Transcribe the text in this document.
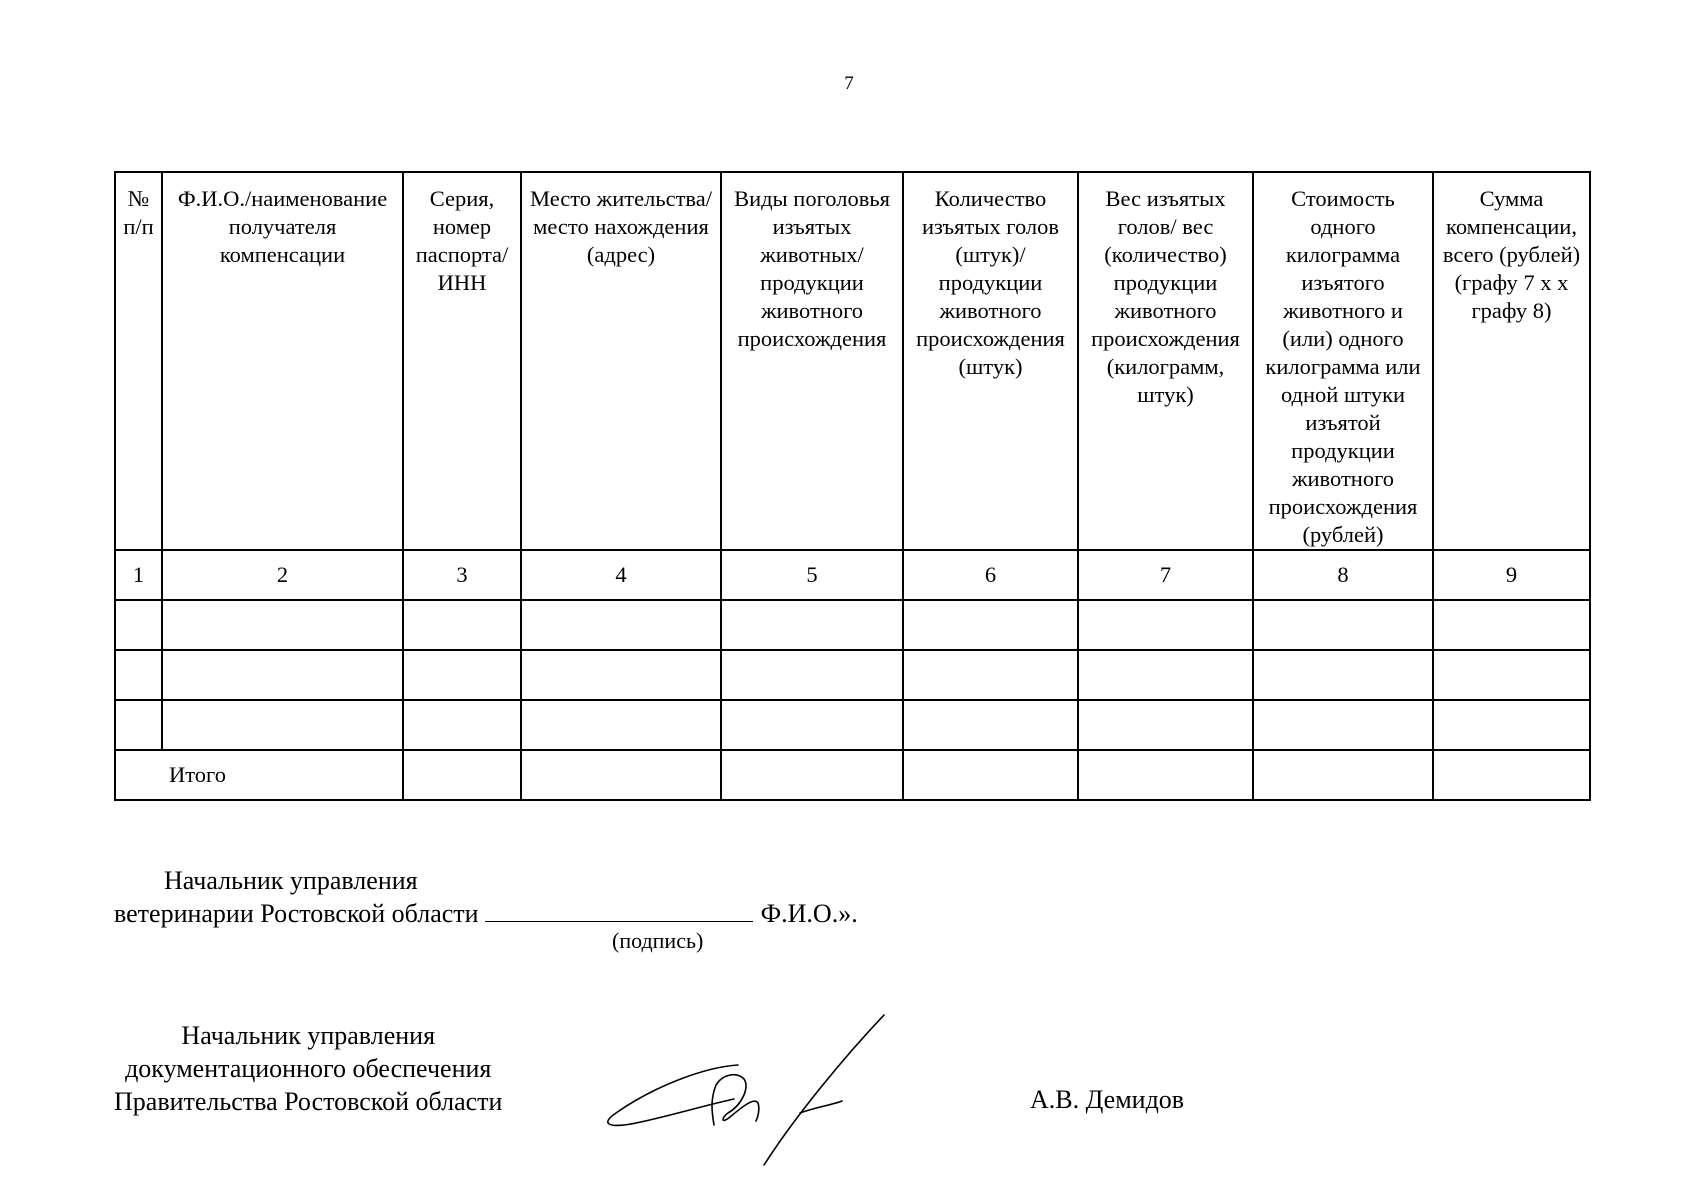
7
№ п/п	Ф.И.О./наименование получателя компенсации	Серия, номер паспорта/ ИНН	Место жительства/место нахождения (адрес)	Виды поголовья изъятых животных/ продукции животного происхождения	Количество изъятых голов (штук)/ продукции животного происхождения (штук)	Вес изъятых голов/ вес (количество) продукции животного происхождения (килограмм, штук)	Стоимость одного килограмма изъятого животного и (или) одного килограмма или одной штуки изъятой продукции животного происхождения (рублей)	Сумма компенсации, всего (рублей) (графу 7 х х графу 8)
1	2	3	4	5	6	7	8	9

Итого								
Начальник управления
ветеринарии Ростовской области	Ф.И.О.».
(подпись)
Начальник управления
документационного обеспечения
Правительства Ростовской области	А.В. Демидов
